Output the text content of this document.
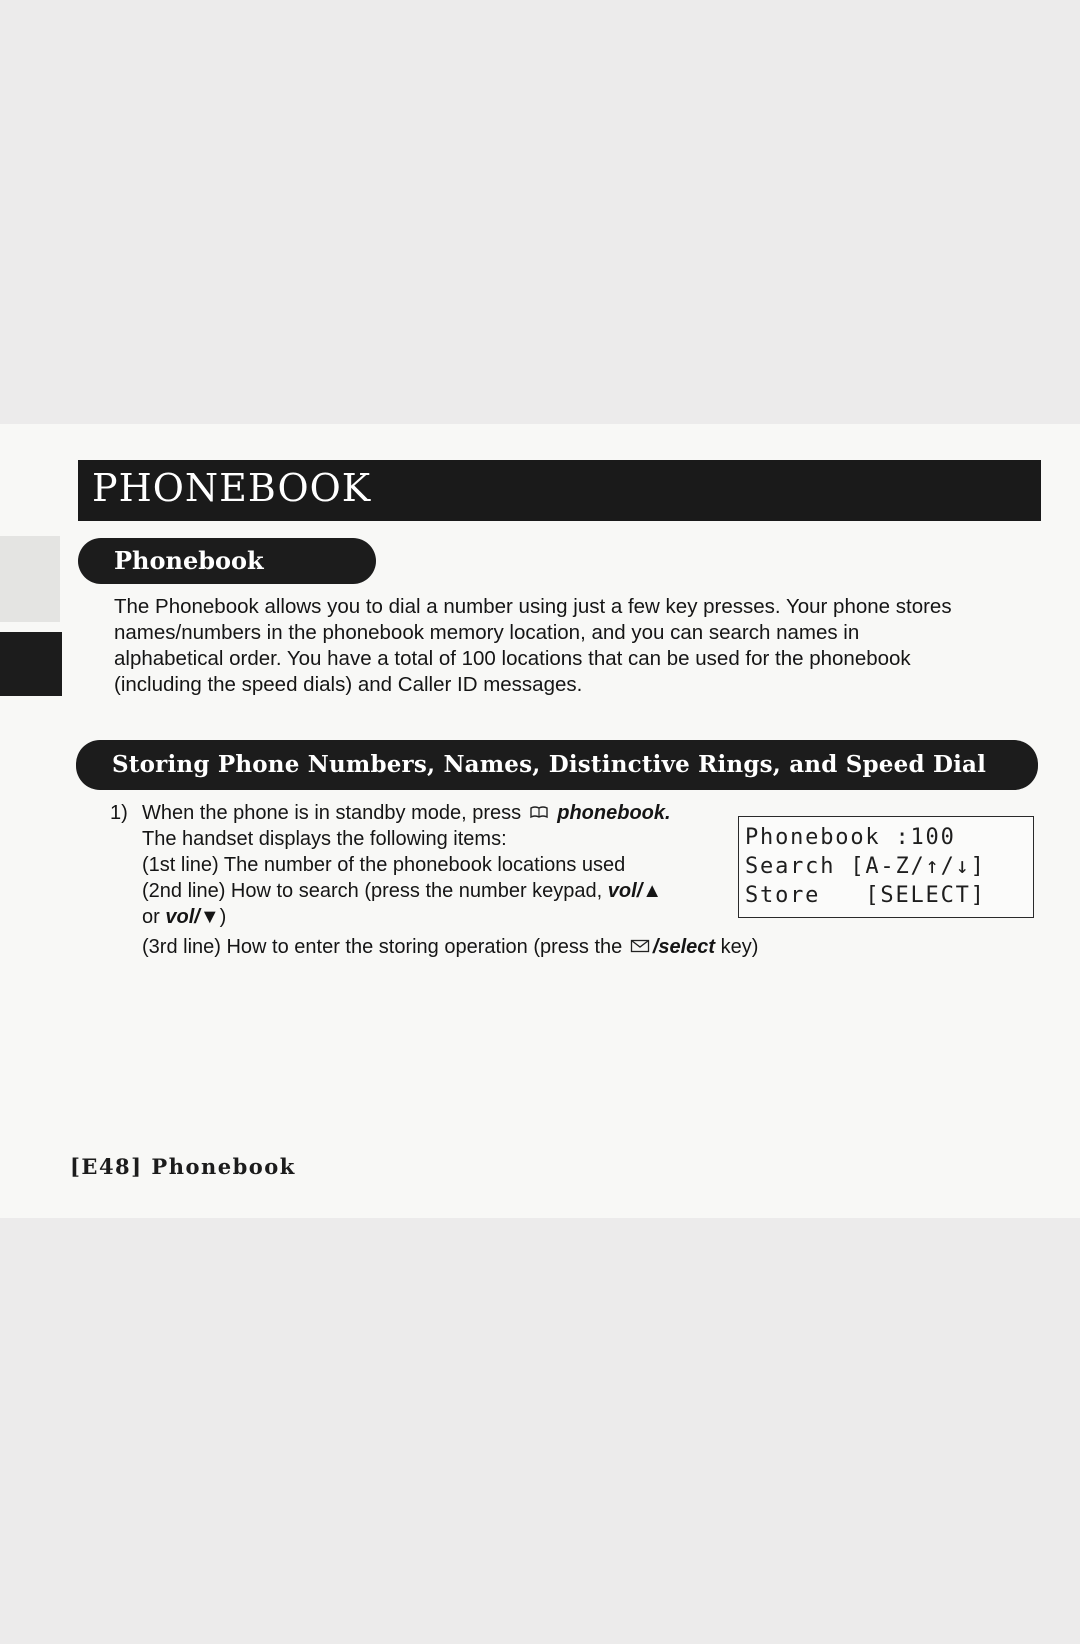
PHONEBOOK
Phonebook
The Phonebook allows you to dial a number using just a few key presses. Your phone stores
names/numbers in the phonebook memory location, and you can search names in
alphabetical order. You have a total of 100 locations that can be used for the phonebook
(including the speed dials) and Caller ID messages.
Storing Phone Numbers, Names, Distinctive Rings, and Speed Dial
1) When the phone is in standby mode, press phonebook.
The handset displays the following items:
(1st line) The number of the phonebook locations used
(2nd line) How to search (press the number keypad, vol/▲
or vol/▼)
(3rd line) How to enter the storing operation (press the /select key)
Phonebook :100
Search [A-Z/↑/↓]
Store   [SELECT]
[E48] Phonebook
